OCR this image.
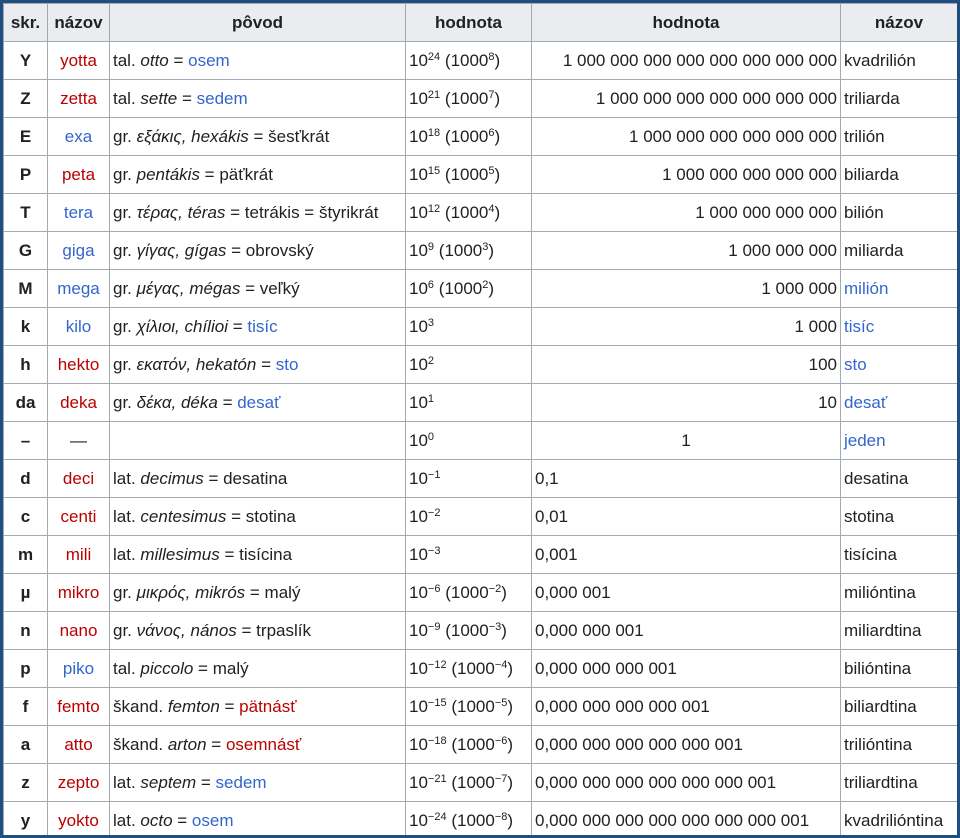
skr.	názov	pôvod	hodnota	hodnota	názov
Y	yotta	tal. otto = osem	$10^{24}$ (1000$^8$)	1 000 000 000 000 000 000 000 000	kvadrilión
Z	zetta	tal. sette = sedem	$10^{21}$ (1000$^7$)	1 000 000 000 000 000 000 000	triliarda
E	exa	gr. εξάκις, hexákis = šesťkrát	$10^{18}$ (1000$^6$)	1 000 000 000 000 000 000	trilión
P	peta	gr. pentákis = päťkrát	$10^{15}$ (1000$^5$)	1 000 000 000 000 000	biliarda
T	tera	gr. τέρας, téras = tetrákis = štyrikrát	$10^{12}$ (1000$^4$)	1 000 000 000 000	bilión
G	giga	gr. γίγας, gígas = obrovský	$10^9$ (1000$^3$)	1 000 000 000	miliarda
M	mega	gr. μέγας, mégas = veľký	$10^6$ (1000$^2$)	1 000 000	milión
k	kilo	gr. χίλιοι, chílioi = tisíc	$10^3$	1 000	tisíc
h	hekto	gr. εκατόν, hekatón = sto	$10^2$	100	sto
da	deka	gr. δέκα, déka = desať	$10^1$	10	desať
–	—		$10^0$	1	jeden
d	deci	lat. decimus = desatina	$10^{-1}$	0,1	desatina
c	centi	lat. centesimus = stotina	$10^{-2}$	0,01	stotina
m	mili	lat. millesimus = tisícina	$10^{-3}$	0,001	tisícina
µ	mikro	gr. μικρός, mikrós = malý	$10^{-6}$ $(1000^{-2})$	0,000 001	milióntina
n	nano	gr. νάνος, nános = trpaslík	$10^{-9}$ $(1000^{-3})$	0,000 000 001	miliardtina
p	piko	tal. piccolo = malý	$10^{-12}$ $(1000^{-4})$	0,000 000 000 001	bilióntina
f	femto	škand. femton = pätnásť	$10^{-15}$ $(1000^{-5})$	0,000 000 000 000 001	biliardtina
a	atto	škand. arton = osemnásť	$10^{-18}$ $(1000^{-6})$	0,000 000 000 000 000 001	trilióntina
z	zepto	lat. septem = sedem	$10^{-21}$ $(1000^{-7})$	0,000 000 000 000 000 000 001	triliardtina
y	yokto	lat. octo = osem	$10^{-24}$ $(1000^{-8})$	0,000 000 000 000 000 000 000 001	kvadrilióntina
